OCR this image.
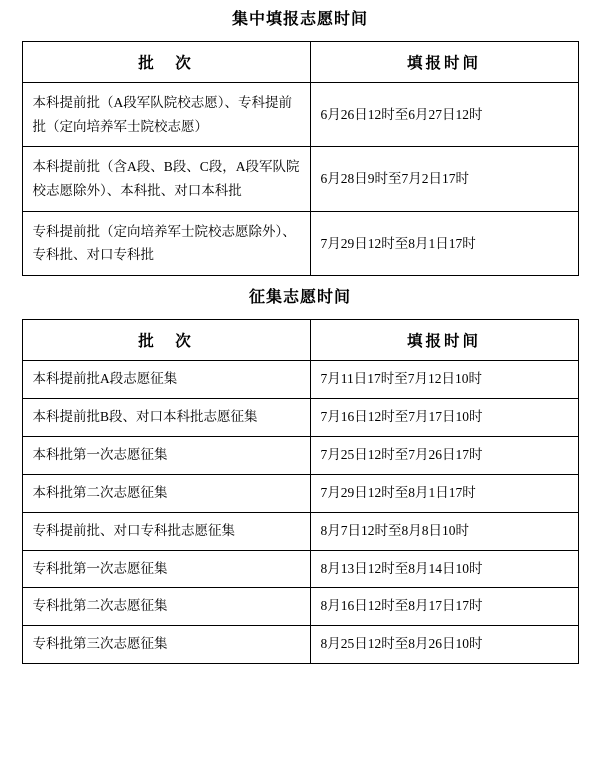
集中填报志愿时间
批　次	填报时间
本科提前批（A段军队院校志愿）、专科提前批（定向培养军士院校志愿）	6月26日12时至6月27日12时
本科提前批（含A段、B段、C段，A段军队院校志愿除外）、本科批、对口本科批	6月28日9时至7月2日17时
专科提前批（定向培养军士院校志愿除外）、专科批、对口专科批	7月29日12时至8月1日17时
征集志愿时间
批　次	填报时间
本科提前批A段志愿征集	7月11日17时至7月12日10时
本科提前批B段、对口本科批志愿征集	7月16日12时至7月17日10时
本科批第一次志愿征集	7月25日12时至7月26日17时
本科批第二次志愿征集	7月29日12时至8月1日17时
专科提前批、对口专科批志愿征集	8月7日12时至8月8日10时
专科批第一次志愿征集	8月13日12时至8月14日10时
专科批第二次志愿征集	8月16日12时至8月17日17时
专科批第三次志愿征集	8月25日12时至8月26日10时
